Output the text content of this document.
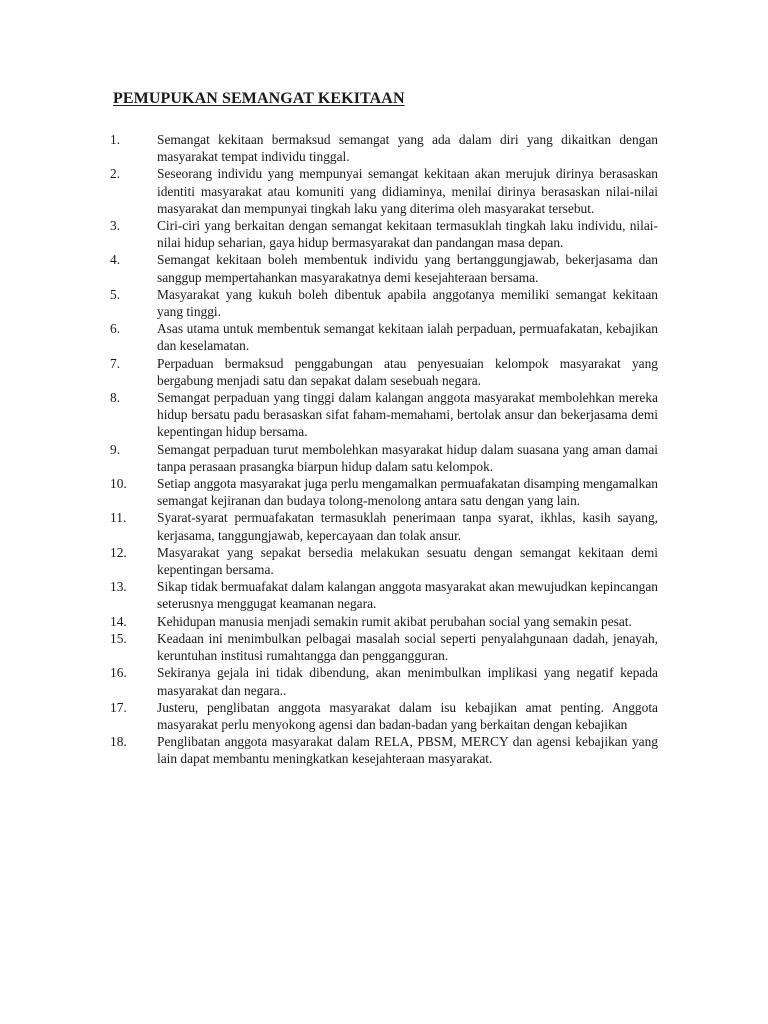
PEMUPUKAN SEMANGAT KEKITAAN
1.	Semangat kekitaan bermaksud semangat yang ada dalam diri yang dikaitkan dengan masyarakat tempat individu tinggal.
2.	Seseorang individu yang mempunyai semangat kekitaan akan merujuk dirinya berasaskan identiti masyarakat atau komuniti yang didiaminya, menilai dirinya berasaskan nilai-nilai masyarakat dan mempunyai tingkah laku yang diterima oleh masyarakat tersebut.
3.	Ciri-ciri yang berkaitan dengan semangat kekitaan termasuklah tingkah laku individu, nilai-nilai hidup seharian, gaya hidup bermasyarakat dan pandangan masa depan.
4.	Semangat kekitaan boleh membentuk individu yang bertanggungjawab, bekerjasama dan sanggup mempertahankan masyarakatnya demi kesejahteraan bersama.
5.	Masyarakat yang kukuh boleh dibentuk apabila anggotanya memiliki semangat kekitaan yang tinggi.
6.	Asas utama untuk membentuk semangat kekitaan ialah perpaduan, permuafakatan, kebajikan dan keselamatan.
7.	Perpaduan bermaksud penggabungan atau penyesuaian kelompok masyarakat yang bergabung menjadi satu dan sepakat dalam sesebuah negara.
8.	Semangat perpaduan yang tinggi dalam kalangan anggota masyarakat membolehkan mereka hidup bersatu padu berasaskan sifat faham-memahami, bertolak ansur dan bekerjasama demi kepentingan hidup bersama.
9.	Semangat perpaduan turut membolehkan masyarakat hidup dalam suasana yang aman damai tanpa perasaan prasangka biarpun hidup dalam satu kelompok.
10.	Setiap anggota masyarakat juga perlu mengamalkan permuafakatan disamping mengamalkan semangat kejiranan dan budaya tolong-menolong antara satu dengan yang lain.
11.	Syarat-syarat permuafakatan termasuklah penerimaan tanpa syarat, ikhlas, kasih sayang, kerjasama, tanggungjawab, kepercayaan dan tolak ansur.
12.	Masyarakat yang sepakat bersedia melakukan sesuatu dengan semangat kekitaan demi kepentingan bersama.
13.	Sikap tidak bermuafakat dalam kalangan anggota masyarakat akan mewujudkan kepincangan seterusnya menggugat keamanan negara.
14.	Kehidupan manusia menjadi semakin rumit akibat perubahan social yang semakin pesat.
15.	Keadaan ini menimbulkan pelbagai masalah social seperti penyalahgunaan dadah, jenayah, keruntuhan institusi rumahtangga dan penggangguran.
16.	Sekiranya gejala ini tidak dibendung, akan menimbulkan implikasi yang negatif kepada masyarakat dan negara..
17.	Justeru, penglibatan anggota masyarakat dalam isu kebajikan amat penting. Anggota masyarakat perlu menyokong agensi dan badan-badan yang berkaitan dengan kebajikan
18.	Penglibatan anggota masyarakat dalam RELA, PBSM, MERCY dan agensi kebajikan yang lain dapat membantu meningkatkan kesejahteraan masyarakat.
